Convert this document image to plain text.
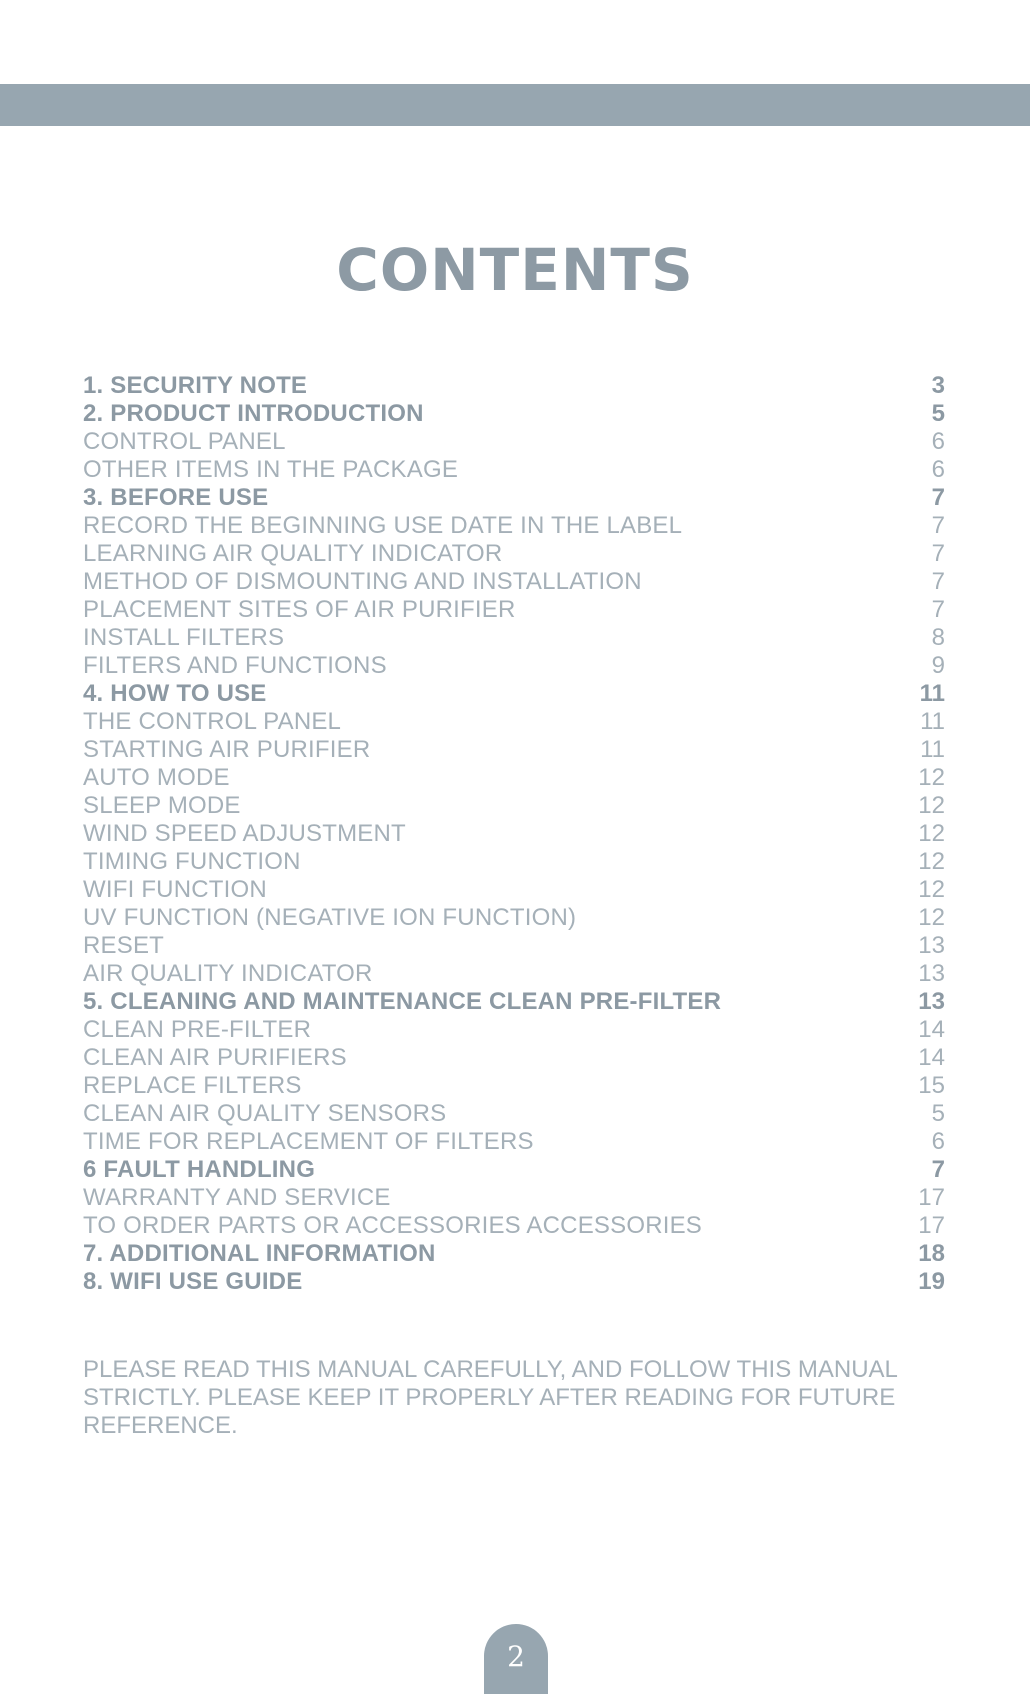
CONTENTS
1. SECURITY NOTE	3
2. PRODUCT INTRODUCTION	5
CONTROL PANEL	6
OTHER ITEMS IN THE PACKAGE	6
3. BEFORE USE	7
RECORD THE BEGINNING USE DATE IN THE LABEL	7
LEARNING AIR QUALITY INDICATOR	7
METHOD OF DISMOUNTING AND INSTALLATION	7
PLACEMENT SITES OF AIR PURIFIER	7
INSTALL FILTERS	8
FILTERS AND FUNCTIONS	9
4. HOW TO USE	11
THE CONTROL PANEL	11
STARTING AIR PURIFIER	11
AUTO MODE	12
SLEEP MODE	12
WIND SPEED ADJUSTMENT	12
TIMING FUNCTION	12
WIFI FUNCTION	12
UV FUNCTION (NEGATIVE ION FUNCTION)	12
RESET	13
AIR QUALITY INDICATOR	13
5. CLEANING AND MAINTENANCE CLEAN PRE-FILTER	13
CLEAN PRE-FILTER	14
CLEAN AIR PURIFIERS	14
REPLACE FILTERS	15
CLEAN AIR QUALITY SENSORS	5
TIME FOR REPLACEMENT OF FILTERS	6
6 FAULT HANDLING	7
WARRANTY AND SERVICE	17
TO ORDER PARTS OR ACCESSORIES ACCESSORIES	17
7. ADDITIONAL INFORMATION	18
8. WIFI USE GUIDE	19

PLEASE READ THIS MANUAL CAREFULLY, AND FOLLOW THIS MANUAL STRICTLY. PLEASE KEEP IT PROPERLY AFTER READING FOR FUTURE REFERENCE.

2
